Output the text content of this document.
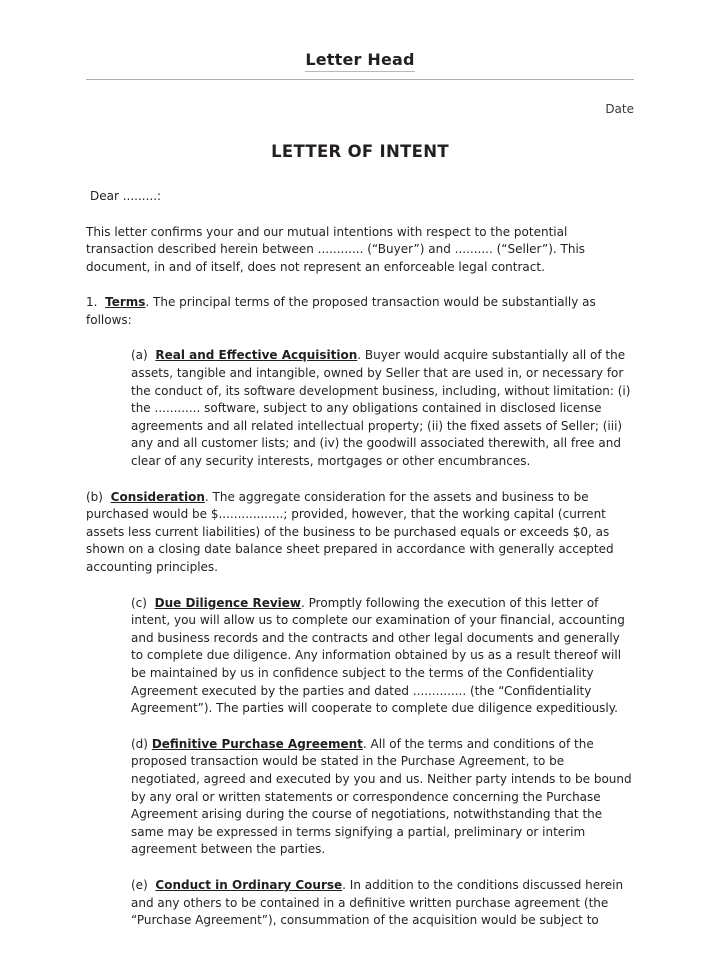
Letter Head
Date
LETTER OF INTENT
Dear .........:
This letter confirms your and our mutual intentions with respect to the potential transaction described herein between ............ (“Buyer”) and .......... (“Seller”). This document, in and of itself, does not represent an enforceable legal contract.
1. Terms. The principal terms of the proposed transaction would be substantially as follows:
(a) Real and Effective Acquisition. Buyer would acquire substantially all of the assets, tangible and intangible, owned by Seller that are used in, or necessary for the conduct of, its software development business, including, without limitation: (i) the ............ software, subject to any obligations contained in disclosed license agreements and all related intellectual property; (ii) the fixed assets of Seller; (iii) any and all customer lists; and (iv) the goodwill associated therewith, all free and clear of any security interests, mortgages or other encumbrances.
(b) Consideration. The aggregate consideration for the assets and business to be purchased would be $.................; provided, however, that the working capital (current assets less current liabilities) of the business to be purchased equals or exceeds $0, as shown on a closing date balance sheet prepared in accordance with generally accepted accounting principles.
(c) Due Diligence Review. Promptly following the execution of this letter of intent, you will allow us to complete our examination of your financial, accounting and business records and the contracts and other legal documents and generally to complete due diligence. Any information obtained by us as a result thereof will be maintained by us in confidence subject to the terms of the Confidentiality Agreement executed by the parties and dated .............. (the “Confidentiality Agreement”). The parties will cooperate to complete due diligence expeditiously.
(d) Definitive Purchase Agreement. All of the terms and conditions of the proposed transaction would be stated in the Purchase Agreement, to be negotiated, agreed and executed by you and us. Neither party intends to be bound by any oral or written statements or correspondence concerning the Purchase Agreement arising during the course of negotiations, notwithstanding that the same may be expressed in terms signifying a partial, preliminary or interim agreement between the parties.
(e) Conduct in Ordinary Course. In addition to the conditions discussed herein and any others to be contained in a definitive written purchase agreement (the “Purchase Agreement”), consummation of the acquisition would be subject to
